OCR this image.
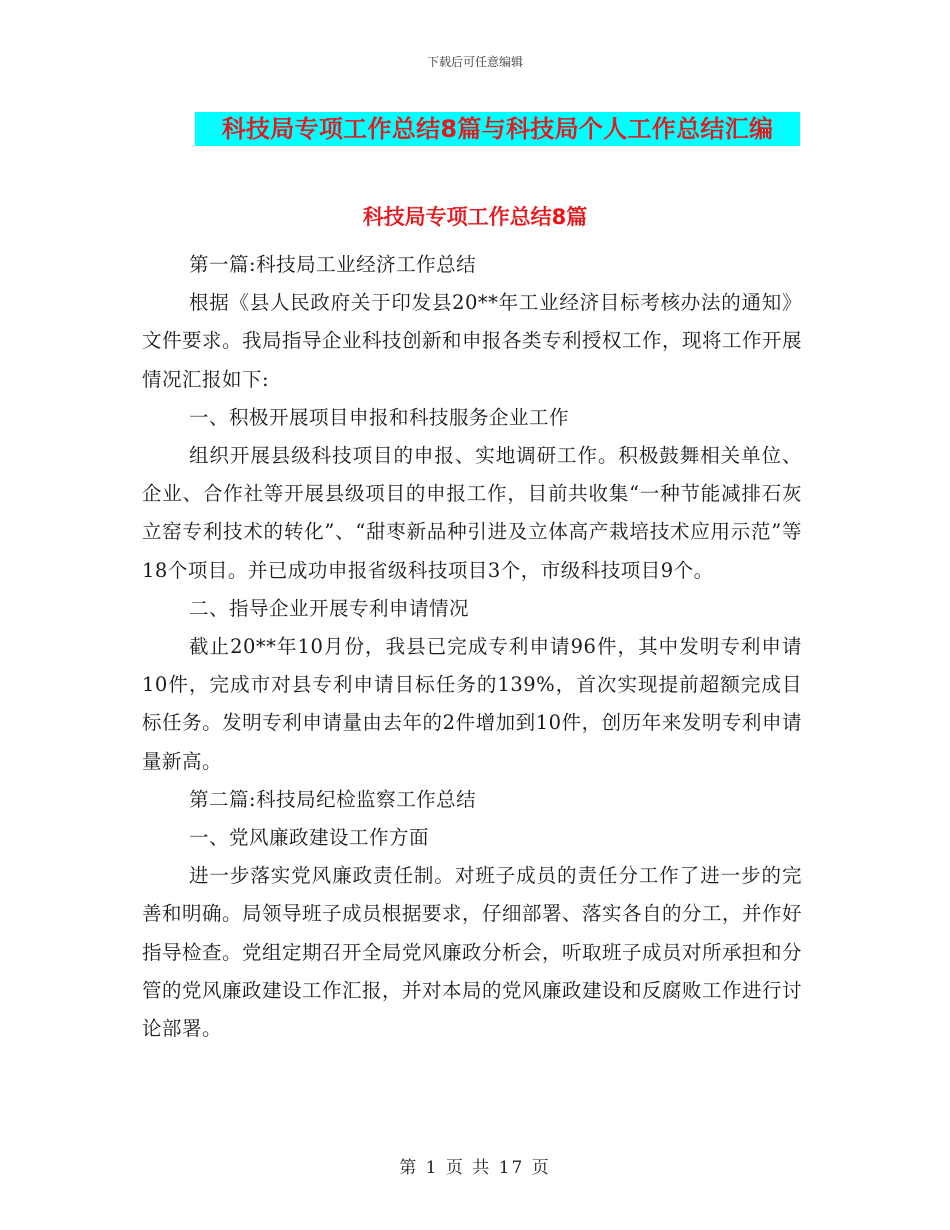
下载后可任意编辑
科技局专项工作总结8篇与科技局个人工作总结汇编
科技局专项工作总结8篇

第一篇:科技局工业经济工作总结

根据《县人民政府关于印发县20**年工业经济目标考核办法的通知》文件要求。我局指导企业科技创新和申报各类专利授权工作，现将工作开展情况汇报如下:

一、积极开展项目申报和科技服务企业工作

组织开展县级科技项目的申报、实地调研工作。积极鼓舞相关单位、企业、合作社等开展县级项目的申报工作，目前共收集“一种节能减排石灰立窑专利技术的转化”、“甜枣新品种引进及立体高产栽培技术应用示范”等18个项目。并已成功申报省级科技项目3个，市级科技项目9个。

二、指导企业开展专利申请情况

截止20**年10月份，我县已完成专利申请96件，其中发明专利申请10件，完成市对县专利申请目标任务的139%，首次实现提前超额完成目标任务。发明专利申请量由去年的2件增加到10件，创历年来发明专利申请量新高。

第二篇:科技局纪检监察工作总结

一、党风廉政建设工作方面

进一步落实党风廉政责任制。对班子成员的责任分工作了进一步的完善和明确。局领导班子成员根据要求，仔细部署、落实各自的分工，并作好指导检查。党组定期召开全局党风廉政分析会，听取班子成员对所承担和分管的党风廉政建设工作汇报，并对本局的党风廉政建设和反腐败工作进行讨论部署。

第 1 页 共 17 页
